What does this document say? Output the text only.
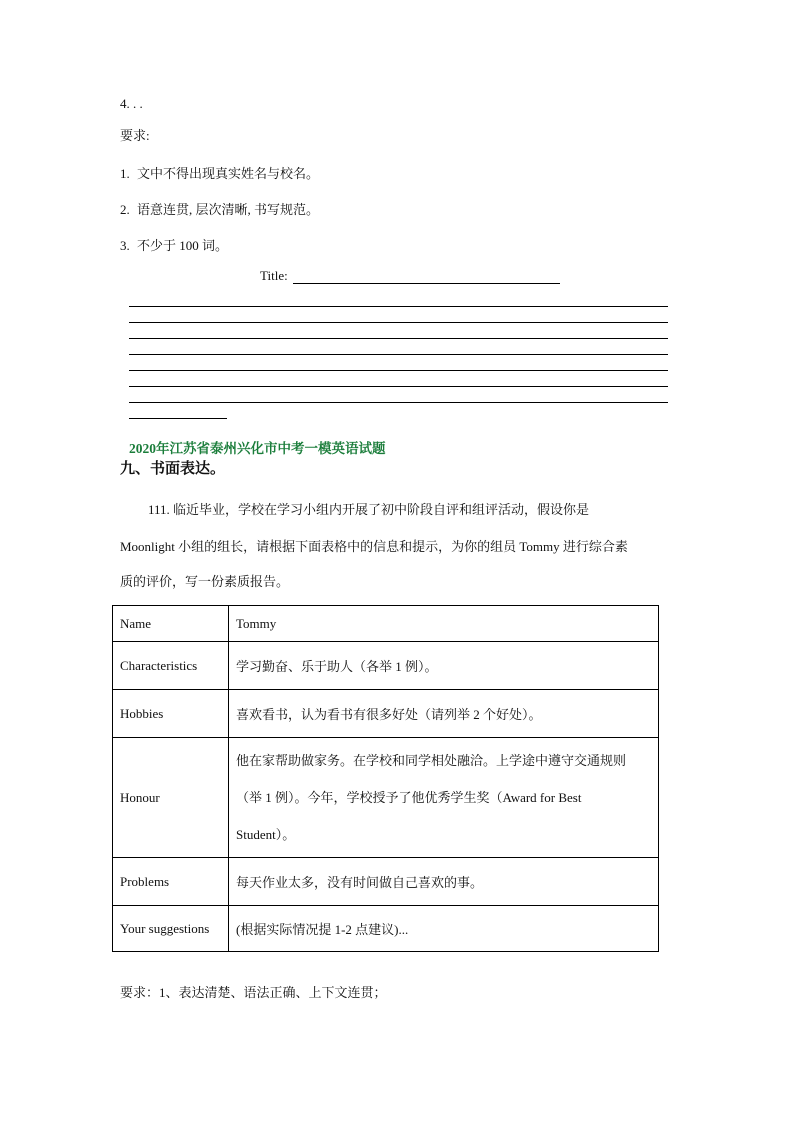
4. . .
要求:
1. 文中不得出现真实姓名与校名。
2. 语意连贯, 层次清晰, 书写规范。
3. 不少于 100 词。
Title:
2020年江苏省泰州兴化市中考一模英语试题
九、书面表达。
111. 临近毕业，学校在学习小组内开展了初中阶段自评和组评活动，假设你是
Moonlight 小组的组长，请根据下面表格中的信息和提示，为你的组员 Tommy 进行综合素
质的评价，写一份素质报告。
Name	Tommy
Characteristics	学习勤奋、乐于助人（各举 1 例）。
Hobbies	喜欢看书，认为看书有很多好处（请列举 2 个好处）。
Honour	他在家帮助做家务。在学校和同学相处融洽。上学途中遵守交通规则
（举 1 例）。今年，学校授予了他优秀学生奖（Award for Best
Student）。

Problems	每天作业太多，没有时间做自己喜欢的事。
Your suggestions	(根据实际情况提 1-2 点建议)...
要求：1、表达清楚、语法正确、上下文连贯；
